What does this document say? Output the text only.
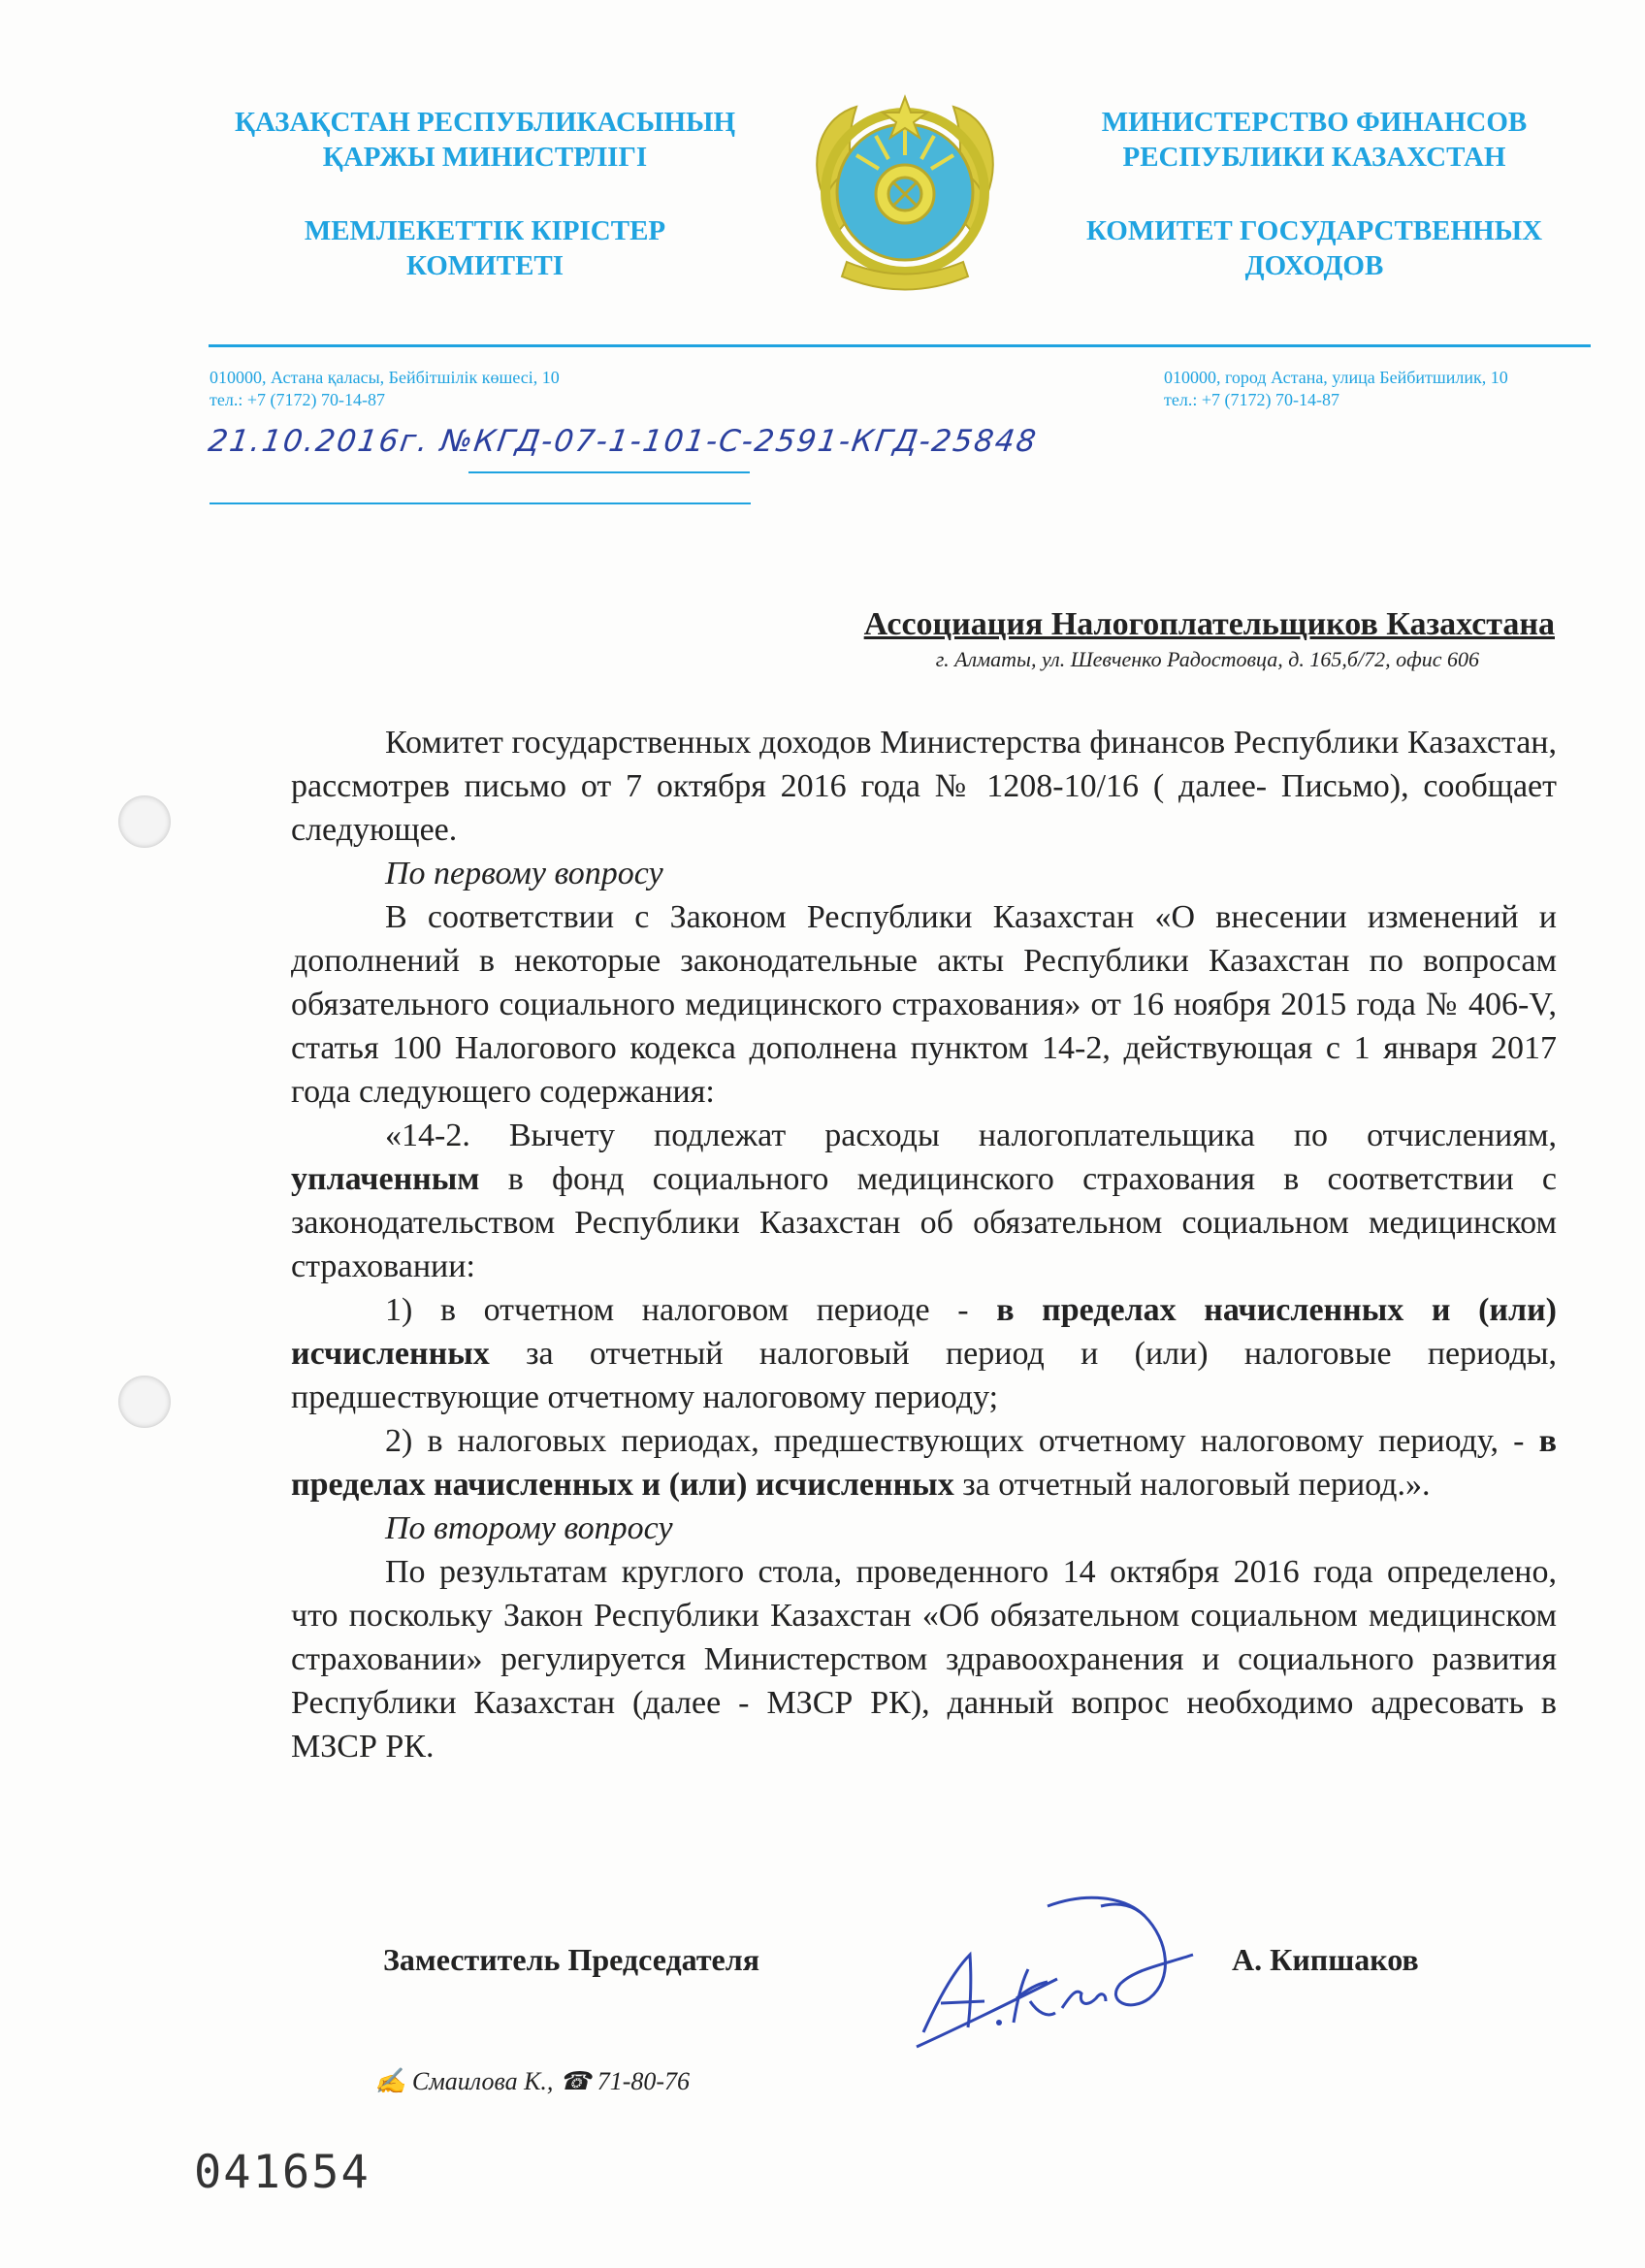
ҚАЗАҚСТАН РЕСПУБЛИКАСЫНЫҢ
ҚАРЖЫ МИНИСТРЛІГІ
МЕМЛЕКЕТТІК КІРІСТЕР
КОМИТЕТІ
МИНИСТЕРСТВО ФИНАНСОВ
РЕСПУБЛИКИ КАЗАХСТАН
КОМИТЕТ ГОСУДАРСТВЕННЫХ
ДОХОДОВ
010000, Астана қаласы, Бейбітшілік көшесі, 10
тел.: +7 (7172) 70-14-87
010000, город Астана, улица Бейбитшилик, 10
тел.: +7 (7172) 70-14-87
21.10.2016г. №КГД-07-1-101-С-2591-КГД-25848
Ассоциация Налогоплательщиков Казахстана
г. Алматы, ул. Шевченко Радостовца, д. 165,б/72, офис 606

Комитет государственных доходов Министерства финансов Республики Казахстан, рассмотрев письмо от 7 октября 2016 года № 1208-10/16 ( далее- Письмо), сообщает следующее.

По первому вопросу

В соответствии с Законом Республики Казахстан «О внесении изменений и дополнений в некоторые законодательные акты Республики Казахстан по вопросам обязательного социального медицинского страхования» от 16 ноября 2015 года № 406-V, статья 100 Налогового кодекса дополнена пунктом 14-2, действующая с 1 января 2017 года следующего содержания:

«14-2. Вычету подлежат расходы налогоплательщика по отчислениям, уплаченным в фонд социального медицинского страхования в соответствии с законодательством Республики Казахстан об обязательном социальном медицинском страховании:

1) в отчетном налоговом периоде - в пределах начисленных и (или) исчисленных за отчетный налоговый период и (или) налоговые периоды, предшествующие отчетному налоговому периоду;

2) в налоговых периодах, предшествующих отчетному налоговому периоду, - в пределах начисленных и (или) исчисленных за отчетный налоговый период.».

По второму вопросу

По результатам круглого стола, проведенного 14 октября 2016 года определено, что поскольку Закон Республики Казахстан «Об обязательном социальном медицинском страховании» регулируется Министерством здравоохранения и социального развития Республики Казахстан (далее - МЗСР РК), данный вопрос необходимо адресовать в МЗСР РК.

Заместитель Председателя	А. Кипшаков
✍ Смаилова К., ☎ 71-80-76
041654
